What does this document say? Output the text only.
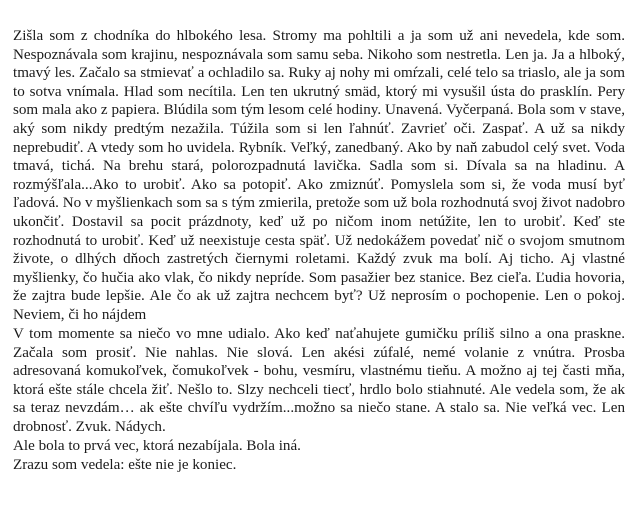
Zišla som z chodníka do hlbokého lesa. Stromy ma pohltili a ja som už ani nevedela, kde som. Nespoznávala som krajinu, nespoznávala som samu seba. Nikoho som nestretla. Len ja. Ja a hlboký, tmavý les. Začalo sa stmievať a ochladilo sa. Ruky aj nohy mi omŕzali, celé telo sa triaslo, ale ja som to sotva vnímala. Hlad som necítila. Len ten ukrutný smäd, ktorý mi vysušil ústa do prasklín. Pery som mala ako z papiera. Blúdila som tým lesom celé hodiny. Unavená. Vyčerpaná. Bola som v stave, aký som nikdy predtým nezažila. Túžila som si len ľahnúť. Zavrieť oči. Zaspať. A už sa nikdy neprebudiť. A vtedy som ho uvidela. Rybník. Veľký, zanedbaný. Ako by naň zabudol celý svet. Voda tmavá, tichá. Na brehu stará, polorozpadnutá lavička. Sadla som si. Dívala sa na hladinu. A rozmýšľala...Ako to urobiť. Ako sa potopiť. Ako zmiznúť. Pomyslela som si, že voda musí byť ľadová. No v myšlienkach som sa s tým zmierila, pretože som už bola rozhodnutá svoj život nadobro ukončiť. Dostavil sa pocit prázdnoty, keď už po ničom inom netúžite, len to urobiť. Keď ste rozhodnutá to urobiť. Keď už neexistuje cesta späť. Už nedokážem povedať nič o svojom smutnom živote, o dlhých dňoch zastretých čiernymi roletami. Každý zvuk ma bolí. Aj ticho. Aj vlastné myšlienky, čo hučia ako vlak, čo nikdy nepríde. Som pasažier bez stanice. Bez cieľa. Ľudia hovoria, že zajtra bude lepšie. Ale čo ak už zajtra nechcem byť? Už neprosím o pochopenie. Len o pokoj. Neviem, či ho nájdem

V tom momente sa niečo vo mne udialo. Ako keď naťahujete gumičku príliš silno a ona praskne. Začala som prosiť. Nie nahlas. Nie slová. Len akési zúfalé, nemé volanie z vnútra. Prosba adresovaná komukoľvek, čomukoľvek - bohu, vesmíru, vlastnému tieňu. A možno aj tej časti mňa, ktorá ešte stále chcela žiť. Nešlo to. Slzy nechceli tiecť, hrdlo bolo stiahnuté. Ale vedela som, že ak sa teraz nevzdám… ak ešte chvíľu vydržím...možno sa niečo stane. A stalo sa. Nie veľká vec. Len drobnosť. Zvuk. Nádych.

Ale bola to prvá vec, ktorá nezabíjala. Bola iná.

Zrazu som vedela: ešte nie je koniec.
